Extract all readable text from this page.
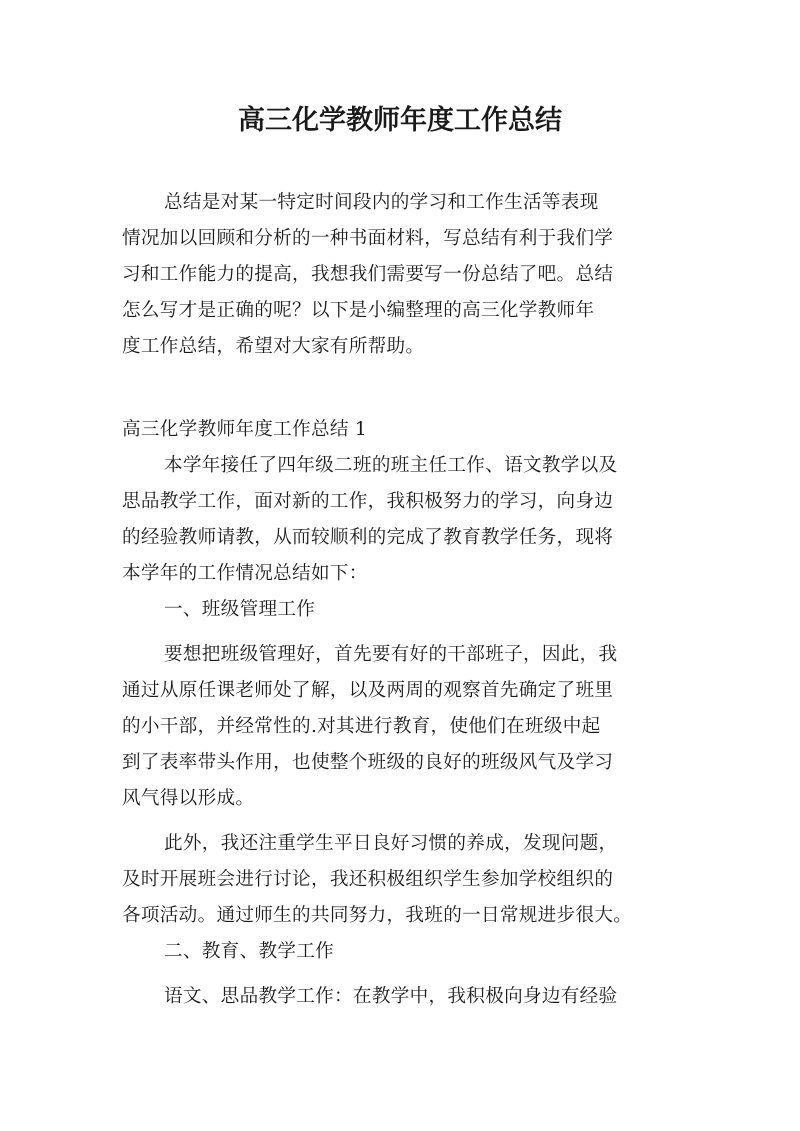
高三化学教师年度工作总结
总结是对某一特定时间段内的学习和工作生活等表现
情况加以回顾和分析的一种书面材料，写总结有利于我们学
习和工作能力的提高，我想我们需要写一份总结了吧。总结
怎么写才是正确的呢？以下是小编整理的高三化学教师年
度工作总结，希望对大家有所帮助。
高三化学教师年度工作总结 1
本学年接任了四年级二班的班主任工作、语文教学以及
思品教学工作，面对新的工作，我积极努力的学习，向身边
的经验教师请教，从而较顺利的完成了教育教学任务，现将
本学年的工作情况总结如下：
一、班级管理工作
要想把班级管理好，首先要有好的干部班子，因此，我
通过从原任课老师处了解，以及两周的观察首先确定了班里
的小干部，并经常性的.对其进行教育，使他们在班级中起
到了表率带头作用，也使整个班级的良好的班级风气及学习
风气得以形成。
此外，我还注重学生平日良好习惯的养成，发现问题，
及时开展班会进行讨论，我还积极组织学生参加学校组织的
各项活动。通过师生的共同努力，我班的一日常规进步很大。
二、教育、教学工作
语文、思品教学工作：在教学中，我积极向身边有经验
